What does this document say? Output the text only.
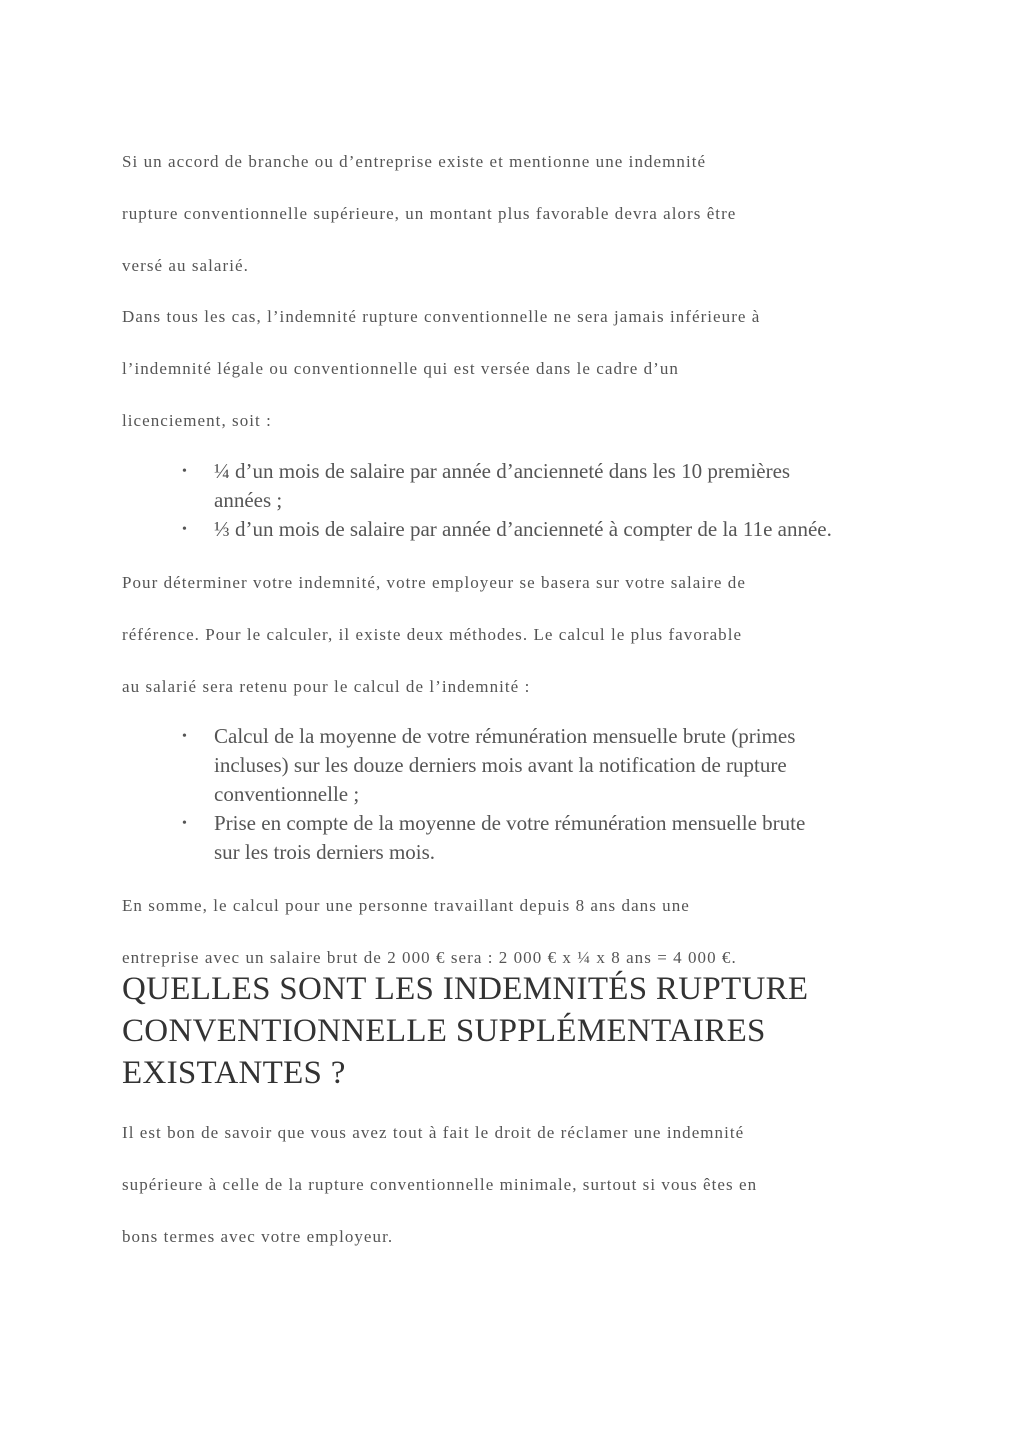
Si un accord de branche ou d’entreprise existe et mentionne une indemnité
rupture conventionnelle supérieure, un montant plus favorable devra alors être
versé au salarié.

Dans tous les cas, l’indemnité rupture conventionnelle ne sera jamais inférieure à
l’indemnité légale ou conventionnelle qui est versée dans le cadre d’un
licenciement, soit :

• ¼ d’un mois de salaire par année d’ancienneté dans les 10 premières
années ;
• ⅓ d’un mois de salaire par année d’ancienneté à compter de la 11e année.

Pour déterminer votre indemnité, votre employeur se basera sur votre salaire de
référence. Pour le calculer, il existe deux méthodes. Le calcul le plus favorable
au salarié sera retenu pour le calcul de l’indemnité :

• Calcul de la moyenne de votre rémunération mensuelle brute (primes
incluses) sur les douze derniers mois avant la notification de rupture
conventionnelle ;
• Prise en compte de la moyenne de votre rémunération mensuelle brute
sur les trois derniers mois.

En somme, le calcul pour une personne travaillant depuis 8 ans dans une
entreprise avec un salaire brut de 2 000 € sera : 2 000 € x ¼ x 8 ans = 4 000 €.

QUELLES SONT LES INDEMNITÉS RUPTURE
CONVENTIONNELLE SUPPLÉMENTAIRES
EXISTANTES ?

Il est bon de savoir que vous avez tout à fait le droit de réclamer une indemnité
supérieure à celle de la rupture conventionnelle minimale, surtout si vous êtes en
bons termes avec votre employeur.
